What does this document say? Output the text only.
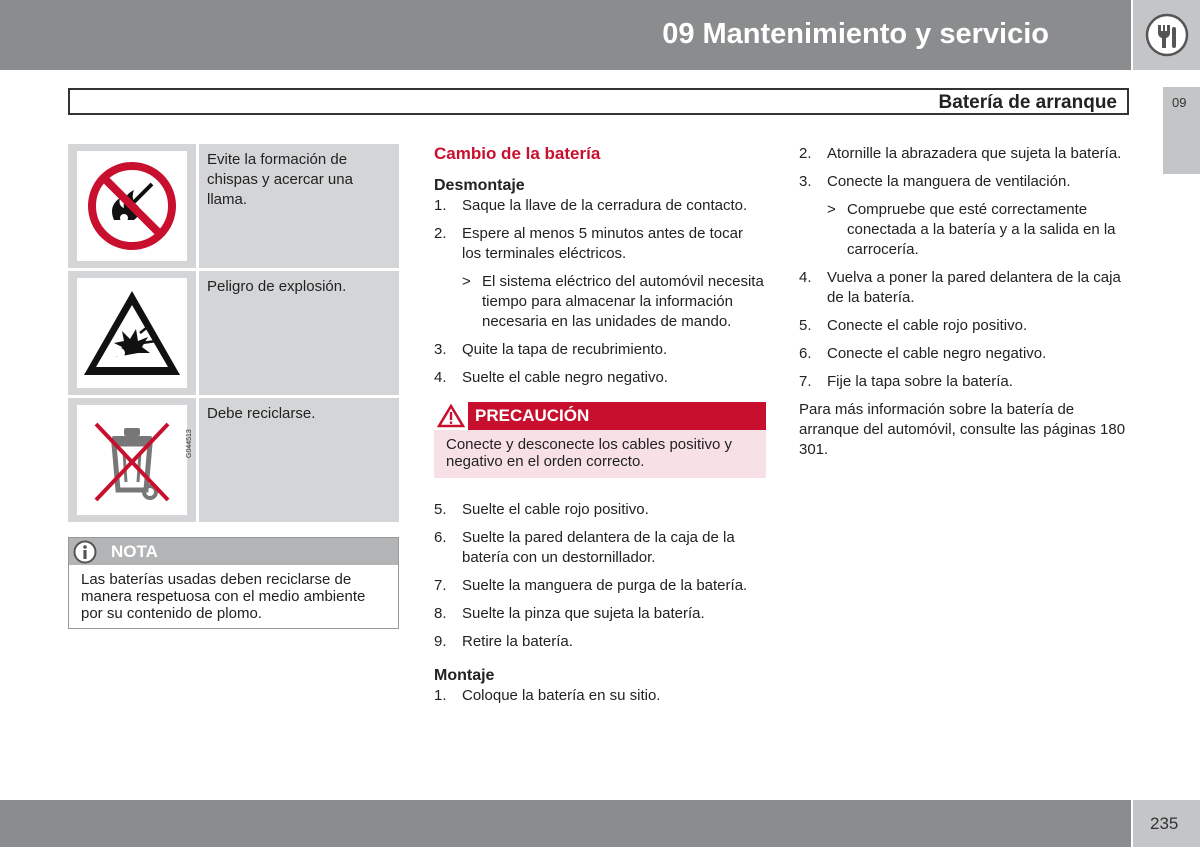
09 Mantenimiento y servicio
Batería de arranque	09
Evite la formación de chispas y acercar una llama.
Peligro de explosión.
G044513
Debe reciclarse.
NOTA
Las baterías usadas deben reciclarse de manera respetuosa con el medio ambiente por su contenido de plomo.
Cambio de la batería
Desmontaje
1.	Saque la llave de la cerradura de contacto.
2.	Espere al menos 5 minutos antes de tocar los terminales eléctricos.
> El sistema eléctrico del automóvil necesita tiempo para almacenar la información necesaria en las unidades de mando.
3.	Quite la tapa de recubrimiento.
4.	Suelte el cable negro negativo.
PRECAUCIÓN
Conecte y desconecte los cables positivo y negativo en el orden correcto.
5.	Suelte el cable rojo positivo.
6.	Suelte la pared delantera de la caja de la batería con un destornillador.
7.	Suelte la manguera de purga de la batería.
8.	Suelte la pinza que sujeta la batería.
9.	Retire la batería.
Montaje
1.	Coloque la batería en su sitio.
2.	Atornille la abrazadera que sujeta la batería.
3.	Conecte la manguera de ventilación.
> Compruebe que esté correctamente conectada a la batería y a la salida en la carrocería.
4.	Vuelva a poner la pared delantera de la caja de la batería.
5.	Conecte el cable rojo positivo.
6.	Conecte el cable negro negativo.
7.	Fije la tapa sobre la batería.
Para más información sobre la batería de arranque del automóvil, consulte las páginas 180 301.
235
